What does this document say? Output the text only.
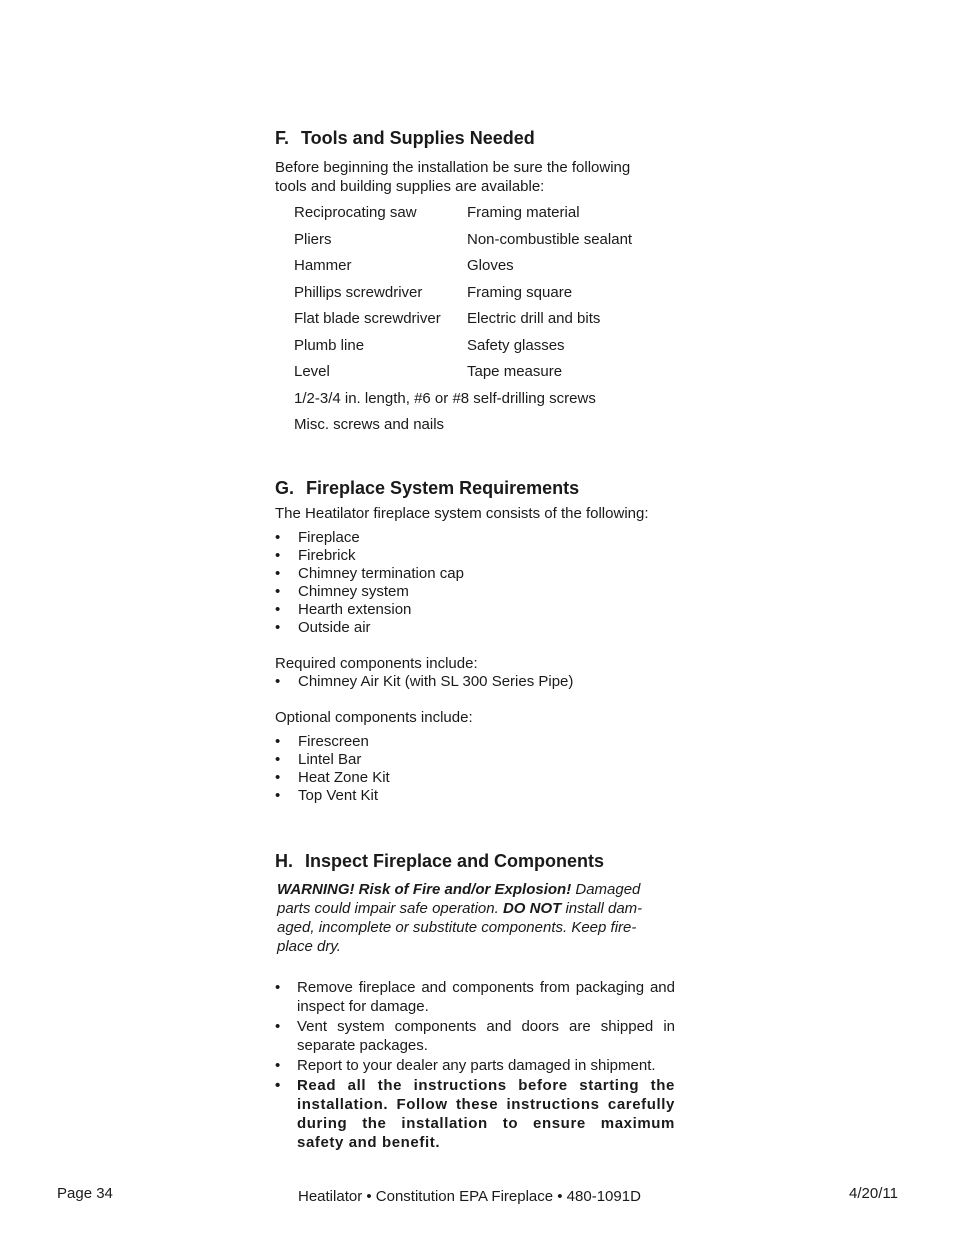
F. Tools and Supplies Needed

Before beginning the installation be sure the following
tools and building supplies are available:

Reciprocating saw	Framing material
Pliers	Non-combustible sealant
Hammer	Gloves
Phillips screwdriver	Framing square
Flat blade screwdriver	Electric drill and bits
Plumb line	Safety glasses
Level	Tape measure
1/2-3/4 in. length, #6 or #8 self-drilling screws
Misc. screws and nails
G. Fireplace System Requirements

The Heatilator fireplace system consists of the following:

•	Fireplace
•	Firebrick
•	Chimney termination cap
•	Chimney system
•	Hearth extension
•	Outside air

Required components include:

•	Chimney Air Kit (with SL 300 Series Pipe)

Optional components include:

•	Firescreen
•	Lintel Bar
•	Heat Zone Kit
•	Top Vent Kit
H. Inspect Fireplace and Components

WARNING! Risk of Fire and/or Explosion! Damaged parts could impair safe operation. DO NOT install dam-aged, incomplete or substitute components. Keep fire-place dry.

•	Remove fireplace and components from packaging and inspect for damage.
•	Vent system components and doors are shipped in separate packages.
•	Report to your dealer any parts damaged in shipment.
•	Read all the instructions before starting the installation. Follow these instructions carefully during the installation to ensure maximum safety and benefit.
Page 34	Heatilator • Constitution EPA Fireplace • 480-1091D	4/20/11
